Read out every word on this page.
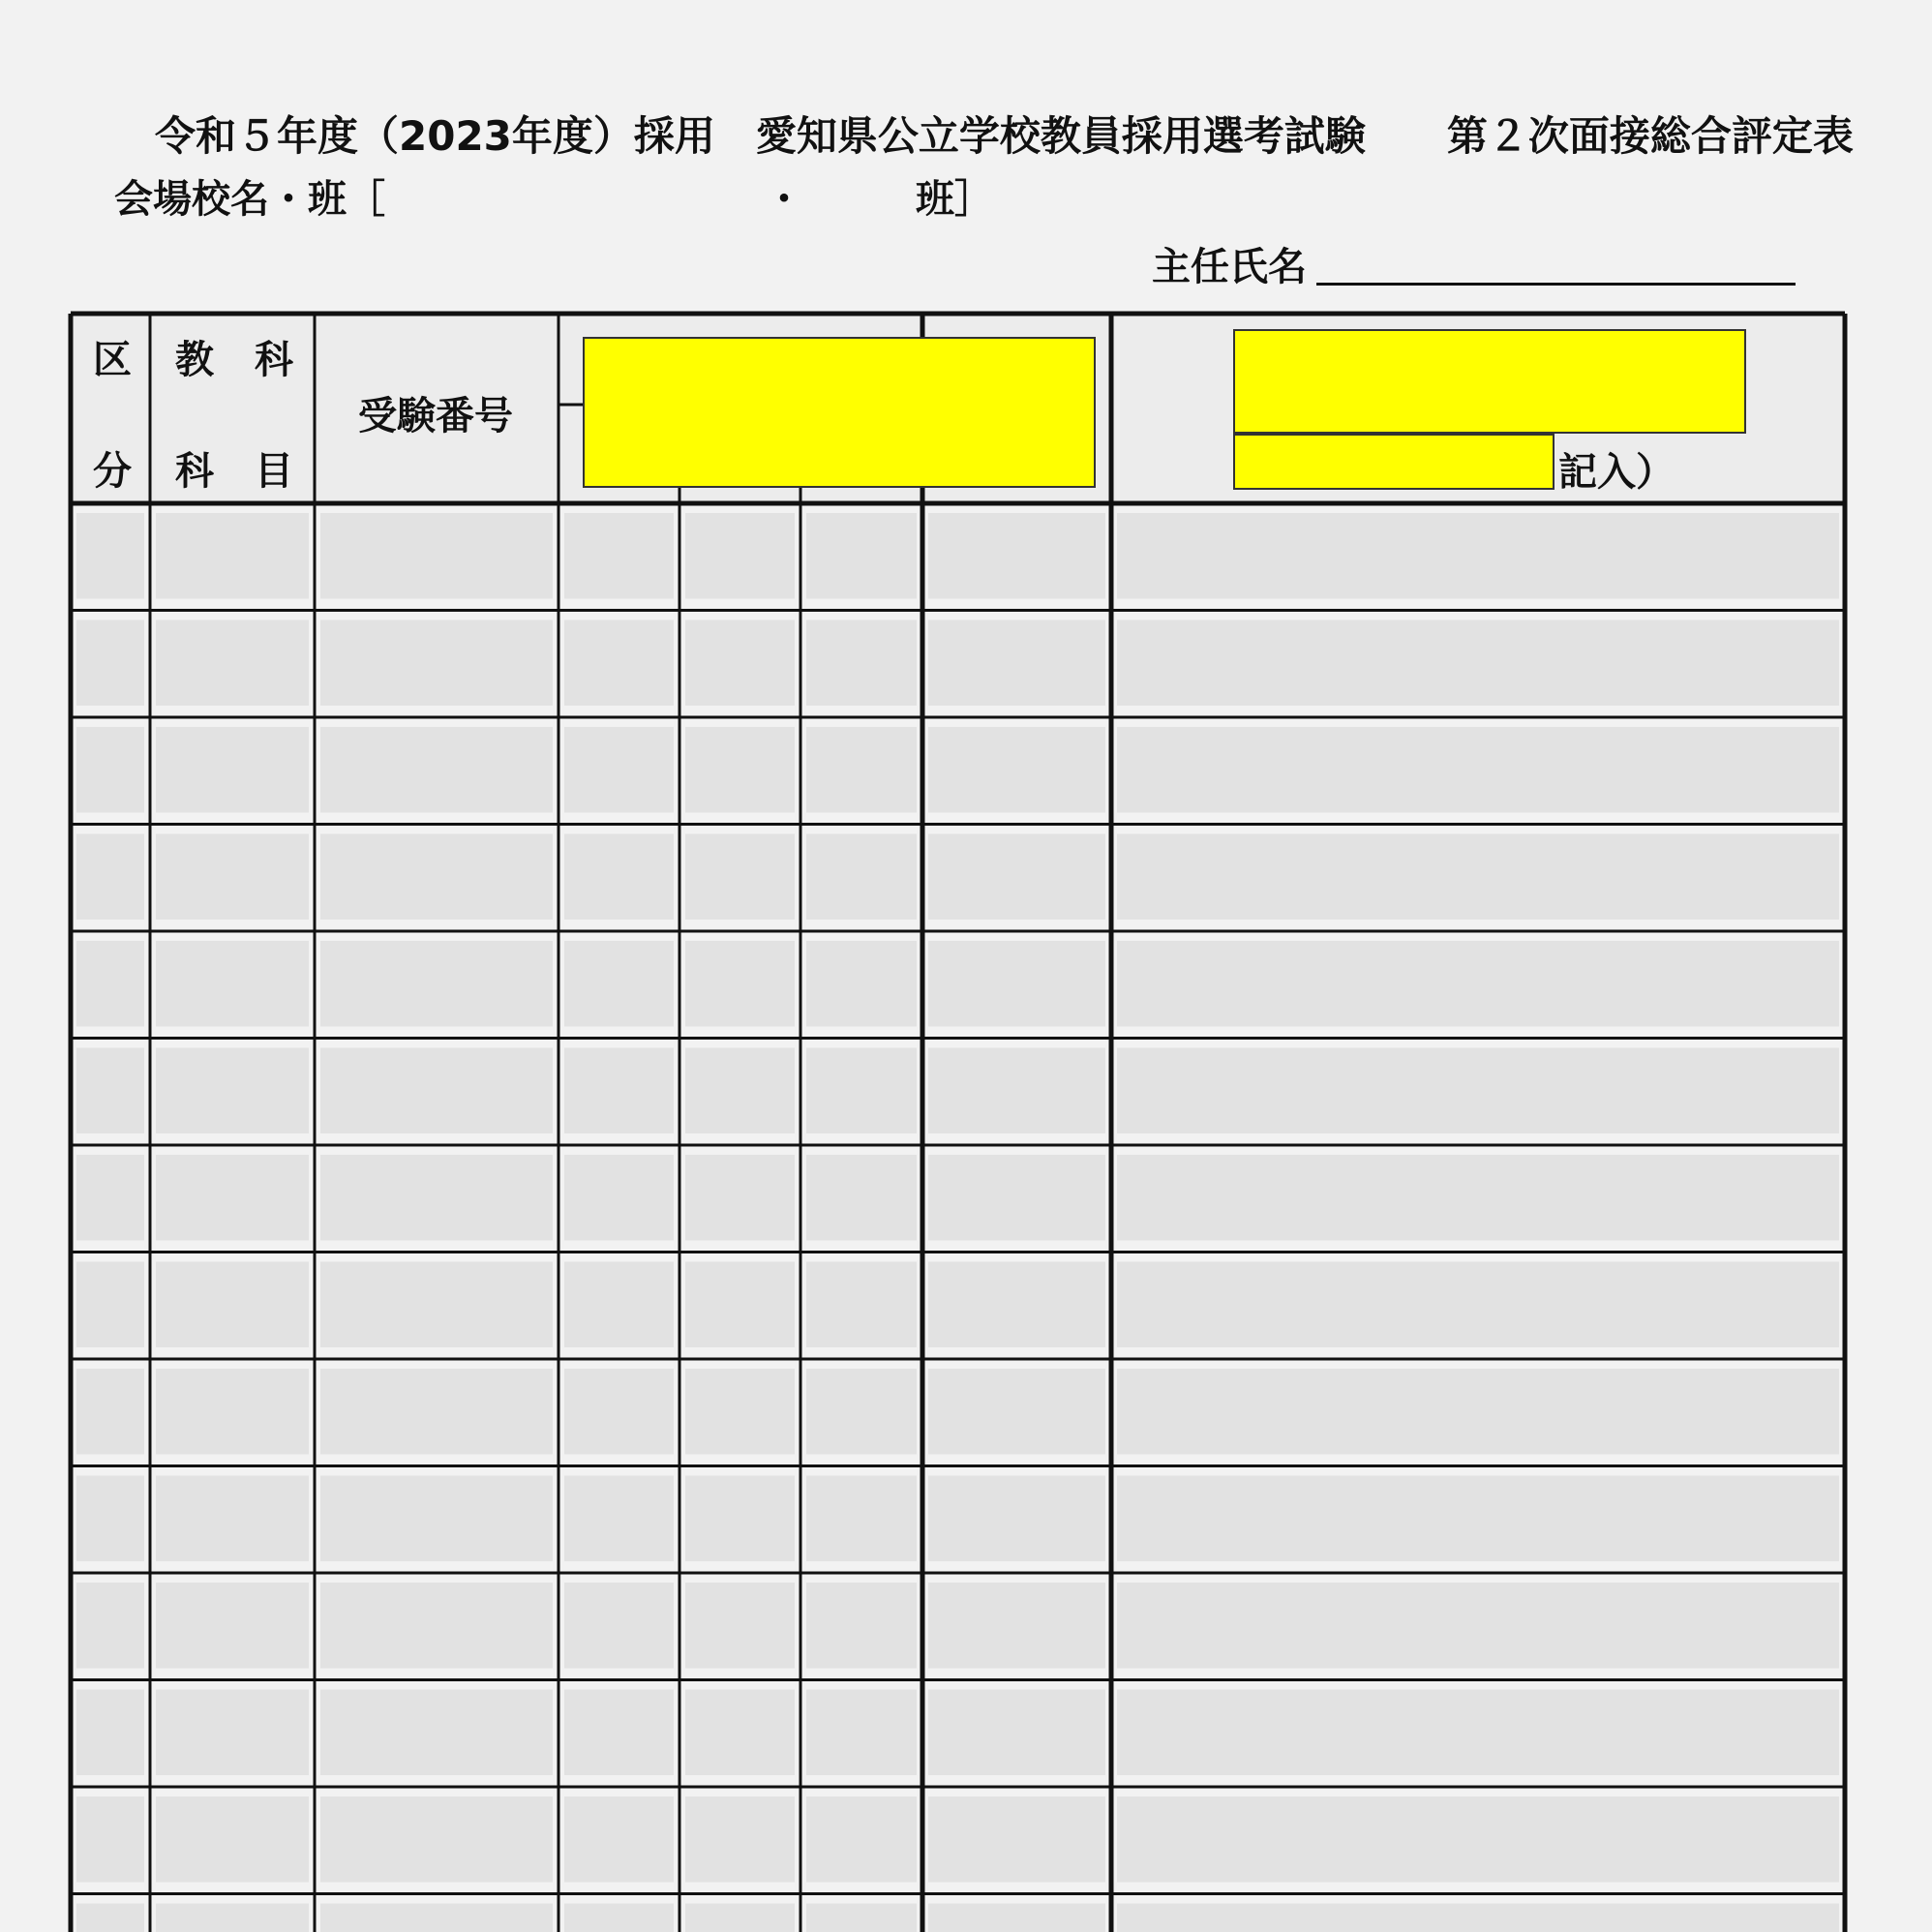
令和５年度（2023年度）採用　愛知県公立学校教員採用選考試験　　第２次面接総合評定表
会場校名・班［	・	班］
主任氏名
区
分
教 科
科 目
受験番号
記入）
